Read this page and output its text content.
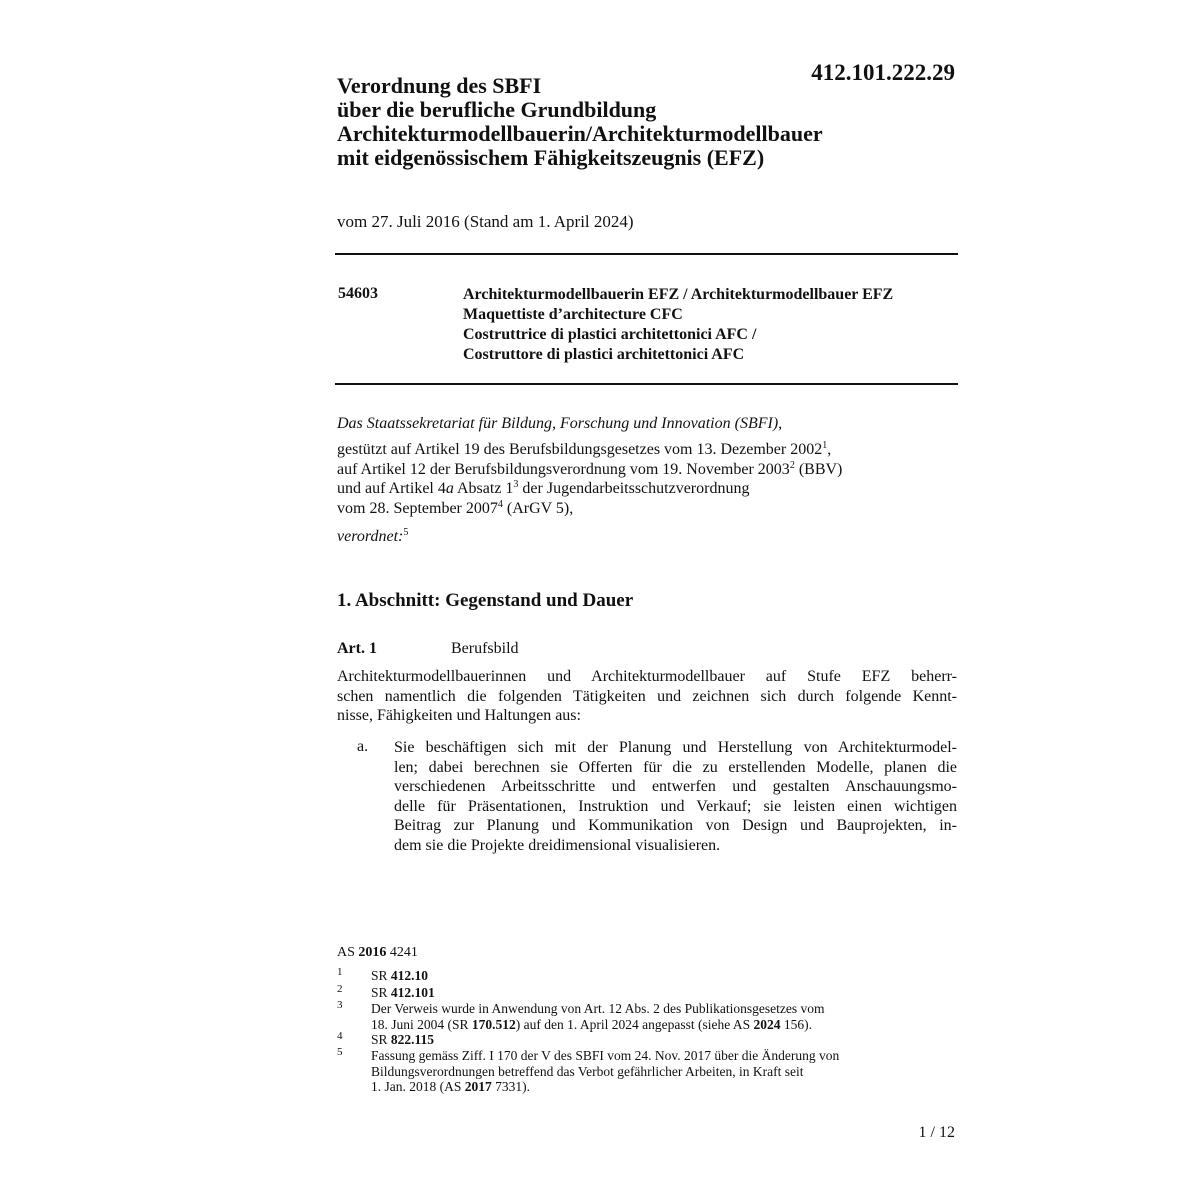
412.101.222.29
Verordnung des SBFI
über die berufliche Grundbildung
Architekturmodellbauerin/Architekturmodellbauer
mit eidgenössischem Fähigkeitszeugnis (EFZ)
vom 27. Juli 2016 (Stand am 1. April 2024)
54603	Architekturmodellbauerin EFZ / Architekturmodellbauer EFZ
Maquettiste d’architecture CFC
Costruttrice di plastici architettonici AFC /
Costruttore di plastici architettonici AFC
Das Staatssekretariat für Bildung, Forschung und Innovation (SBFI),
gestützt auf Artikel 19 des Berufsbildungsgesetzes vom 13. Dezember 2002$^1$,
auf Artikel 12 der Berufsbildungsverordnung vom 19. November 2003$^2$ (BBV)
und auf Artikel 4a Absatz $1^3$ der Jugendarbeitsschutzverordnung
vom 28. September 2007$^4$ (ArGV 5),
verordnet:$^5$
1. Abschnitt: Gegenstand und Dauer
Art. 1	Berufsbild
Architekturmodellbauerinnen und Architekturmodellbauer auf Stufe EFZ beherr-
schen namentlich die folgenden Tätigkeiten und zeichnen sich durch folgende Kennt-
nisse, Fähigkeiten und Haltungen aus:
a. Sie beschäftigen sich mit der Planung und Herstellung von Architekturmodel-
len; dabei berechnen sie Offerten für die zu erstellenden Modelle, planen die
verschiedenen Arbeitsschritte und entwerfen und gestalten Anschauungsmo-
delle für Präsentationen, Instruktion und Verkauf; sie leisten einen wichtigen
Beitrag zur Planung und Kommunikation von Design und Bauprojekten, in-
dem sie die Projekte dreidimensional visualisieren.
AS 2016 4241
1 SR 412.10
2 SR 412.101
3 Der Verweis wurde in Anwendung von Art. 12 Abs. 2 des Publikationsgesetzes vom
18. Juni 2004 (SR 170.512) auf den 1. April 2024 angepasst (siehe AS 2024 156).
4 SR 822.115
5 Fassung gemäss Ziff. I 170 der V des SBFI vom 24. Nov. 2017 über die Änderung von
Bildungsverordnungen betreffend das Verbot gefährlicher Arbeiten, in Kraft seit
1. Jan. 2018 (AS 2017 7331).
1 / 12
